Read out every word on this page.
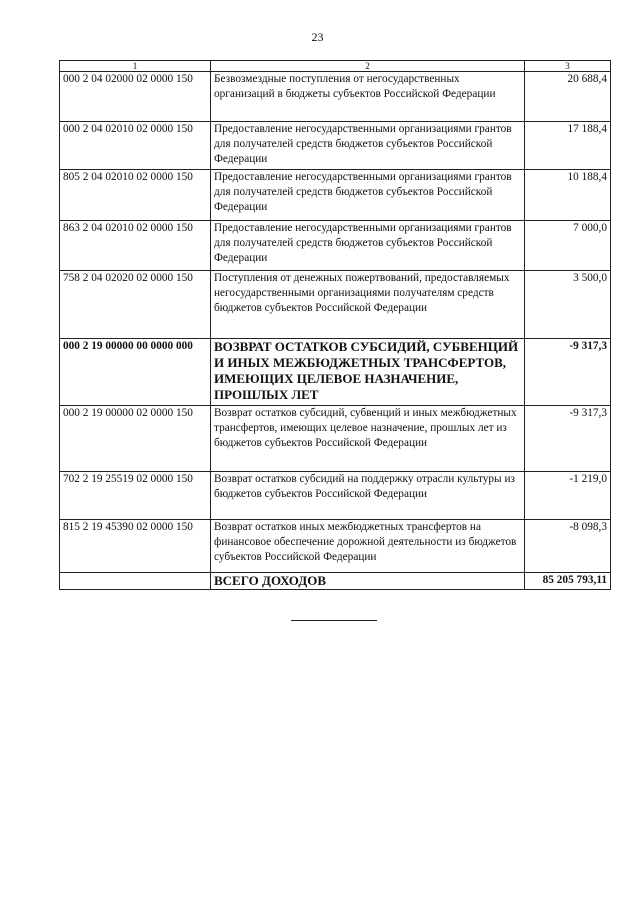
23
1	2	3
000 2 04 02000 02 0000 150	Безвозмездные поступления от негосударственных организаций в бюджеты субъектов Российской Федерации	20 688,4
000 2 04 02010 02 0000 150	Предоставление негосударственными организациями грантов для получателей средств бюджетов субъектов Российской Федерации	17 188,4
805 2 04 02010 02 0000 150	Предоставление негосударственными организациями грантов для получателей средств бюджетов субъектов Российской Федерации	10 188,4
863 2 04 02010 02 0000 150	Предоставление негосударственными организациями грантов для получателей средств бюджетов субъектов Российской Федерации	7 000,0
758 2 04 02020 02 0000 150	Поступления от денежных пожертвований, предоставляемых негосударственными организациями получателям средств бюджетов субъектов Российской Федерации	3 500,0
000 2 19 00000 00 0000 000	ВОЗВРАТ ОСТАТКОВ СУБСИДИЙ, СУБВЕНЦИЙ И ИНЫХ МЕЖБЮДЖЕТНЫХ ТРАНСФЕРТОВ, ИМЕЮЩИХ ЦЕЛЕВОЕ НАЗНАЧЕНИЕ, ПРОШЛЫХ ЛЕТ	-9 317,3
000 2 19 00000 02 0000 150	Возврат остатков субсидий, субвенций и иных межбюджетных трансфертов, имеющих целевое назначение, прошлых лет из бюджетов субъектов Российской Федерации	-9 317,3
702 2 19 25519 02 0000 150	Возврат остатков субсидий на поддержку отрасли культуры из бюджетов субъектов Российской Федерации	-1 219,0
815 2 19 45390 02 0000 150	Возврат остатков иных межбюджетных трансфертов на финансовое обеспечение дорожной деятельности из бюджетов субъектов Российской Федерации	-8 098,3
	ВСЕГО ДОХОДОВ	85 205 793,11
